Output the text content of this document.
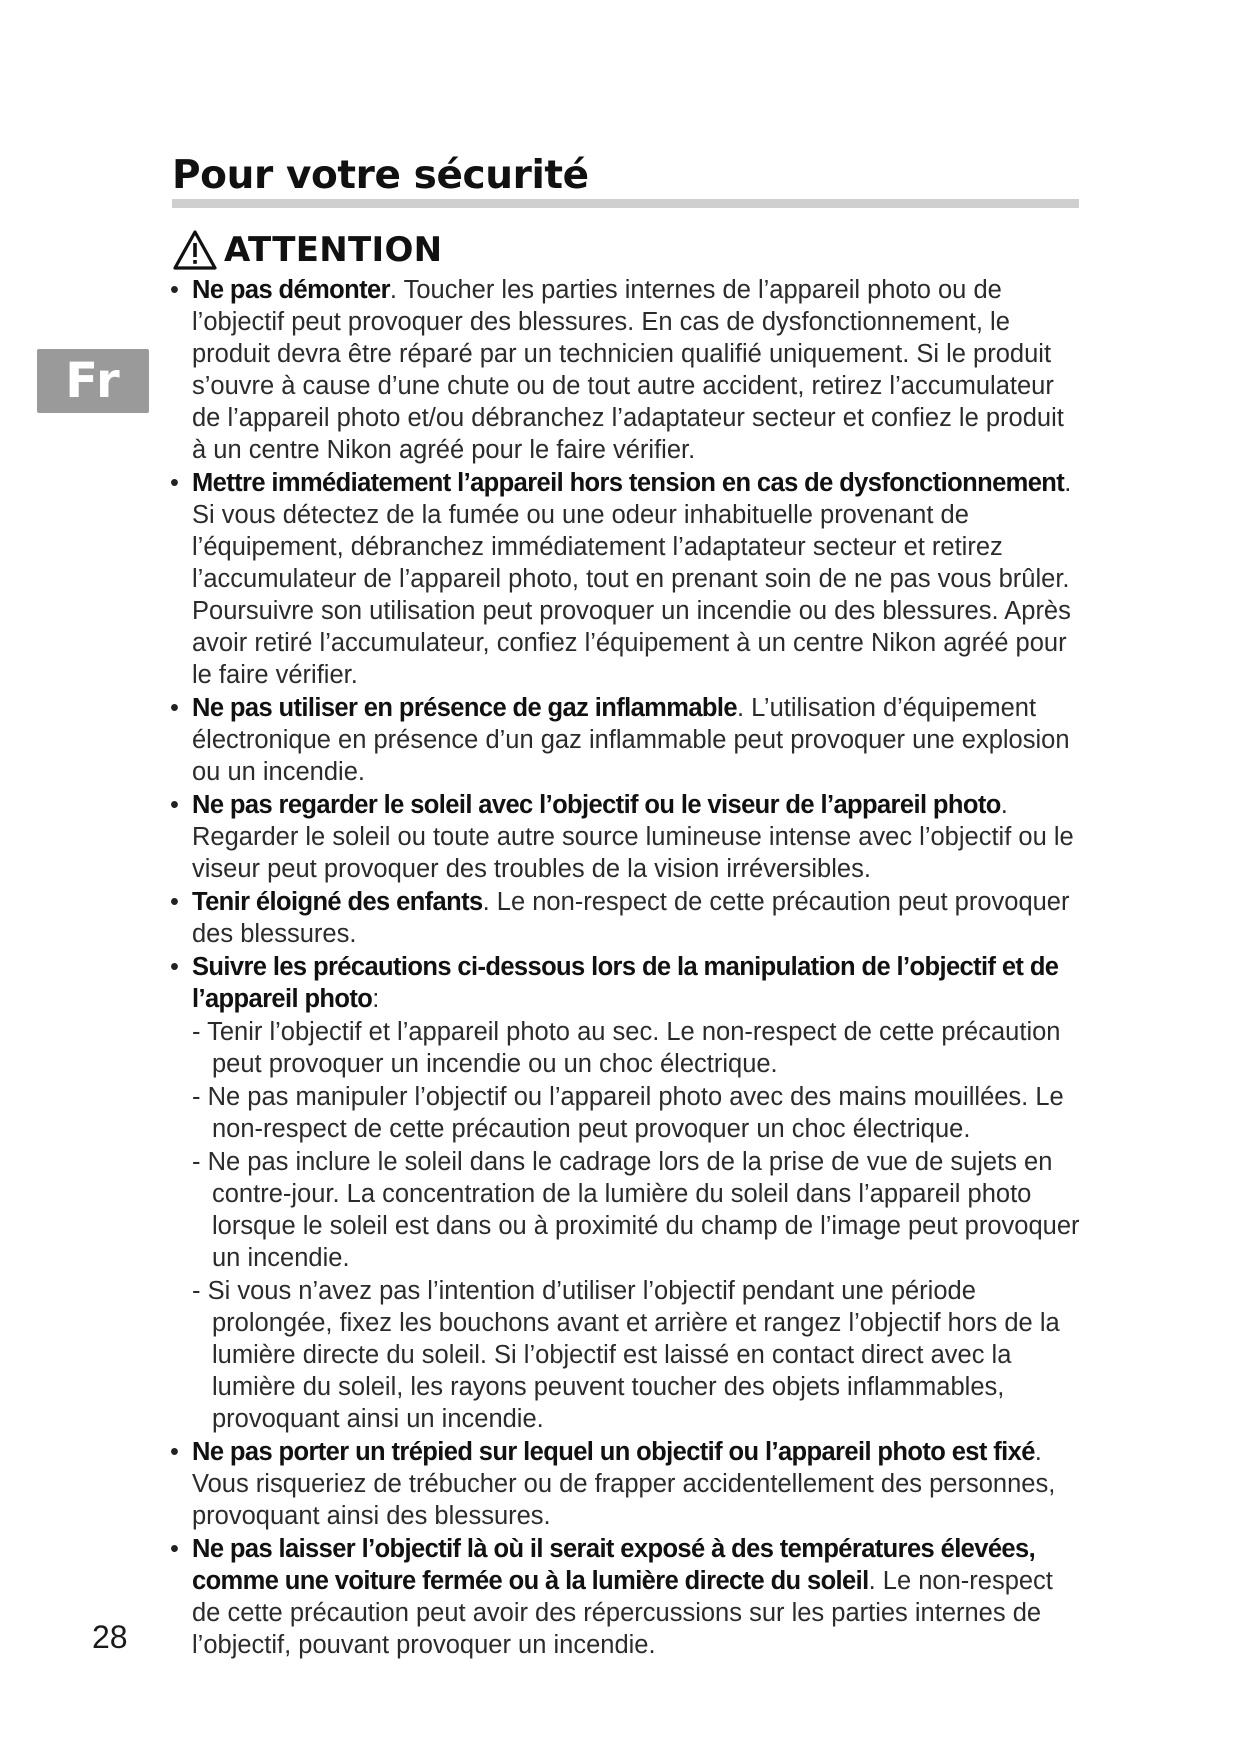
Pour votre sécurité
ATTENTION
Fr

• Ne pas démonter. Toucher les parties internes de l’appareil photo ou de l’objectif peut provoquer des blessures. En cas de dysfonctionnement, le produit devra être réparé par un technicien qualifié uniquement. Si le produit s’ouvre à cause d’une chute ou de tout autre accident, retirez l’accumulateur de l’appareil photo et/ou débranchez l’adaptateur secteur et confiez le produit à un centre Nikon agréé pour le faire vérifier.

• Mettre immédiatement l’appareil hors tension en cas de dysfonctionnement. Si vous détectez de la fumée ou une odeur inhabituelle provenant de l’équipement, débranchez immédiatement l’adaptateur secteur et retirez l’accumulateur de l’appareil photo, tout en prenant soin de ne pas vous brûler. Poursuivre son utilisation peut provoquer un incendie ou des blessures. Après avoir retiré l’accumulateur, confiez l’équipement à un centre Nikon agréé pour le faire vérifier.

• Ne pas utiliser en présence de gaz inflammable. L’utilisation d’équipement électronique en présence d’un gaz inflammable peut provoquer une explosion ou un incendie.

• Ne pas regarder le soleil avec l’objectif ou le viseur de l’appareil photo. Regarder le soleil ou toute autre source lumineuse intense avec l’objectif ou le viseur peut provoquer des troubles de la vision irréversibles.

• Tenir éloigné des enfants. Le non-respect de cette précaution peut provoquer des blessures.

• Suivre les précautions ci-dessous lors de la manipulation de l’objectif et de l’appareil photo:

- Tenir l’objectif et l’appareil photo au sec. Le non-respect de cette précaution peut provoquer un incendie ou un choc électrique.

- Ne pas manipuler l’objectif ou l’appareil photo avec des mains mouillées. Le non-respect de cette précaution peut provoquer un choc électrique.

- Ne pas inclure le soleil dans le cadrage lors de la prise de vue de sujets en contre-jour. La concentration de la lumière du soleil dans l’appareil photo lorsque le soleil est dans ou à proximité du champ de l’image peut provoquer un incendie.

- Si vous n’avez pas l’intention d’utiliser l’objectif pendant une période prolongée, fixez les bouchons avant et arrière et rangez l’objectif hors de la lumière directe du soleil. Si l’objectif est laissé en contact direct avec la lumière du soleil, les rayons peuvent toucher des objets inflammables, provoquant ainsi un incendie.

• Ne pas porter un trépied sur lequel un objectif ou l’appareil photo est fixé. Vous risqueriez de trébucher ou de frapper accidentellement des personnes, provoquant ainsi des blessures.

• Ne pas laisser l’objectif là où il serait exposé à des températures élevées, comme une voiture fermée ou à la lumière directe du soleil. Le non-respect de cette précaution peut avoir des répercussions sur les parties internes de l’objectif, pouvant provoquer un incendie.

28
